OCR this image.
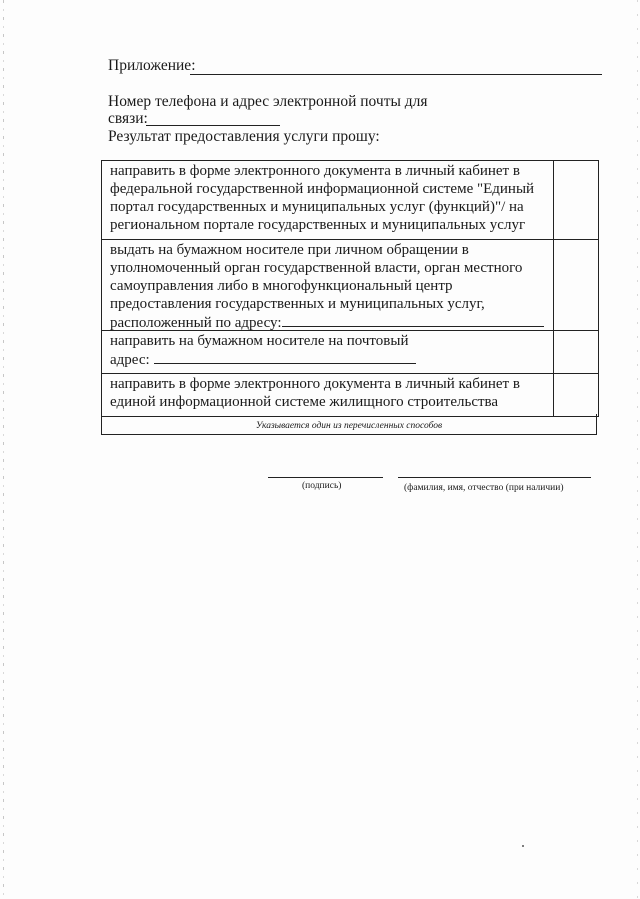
Приложение:
Номер телефона и адрес электронной почты для
связи:
Результат предоставления услуги прошу:
направить в форме электронного документа в личный кабинет в
федеральной государственной информационной системе "Единый
портал государственных и муниципальных услуг (функций)"/ на
региональном портале государственных и муниципальных услуг
выдать на бумажном носителе при личном обращении в
уполномоченный орган государственной власти, орган местного
самоуправления либо в многофункциональный центр
предоставления государственных и муниципальных услуг,
расположенный по адресу:
направить на бумажном носителе на почтовый
адрес:
направить в форме электронного документа в личный кабинет в
единой информационной системе жилищного строительства
Указывается один из перечисленных способов
(подпись)	(фамилия, имя, отчество (при наличии)
